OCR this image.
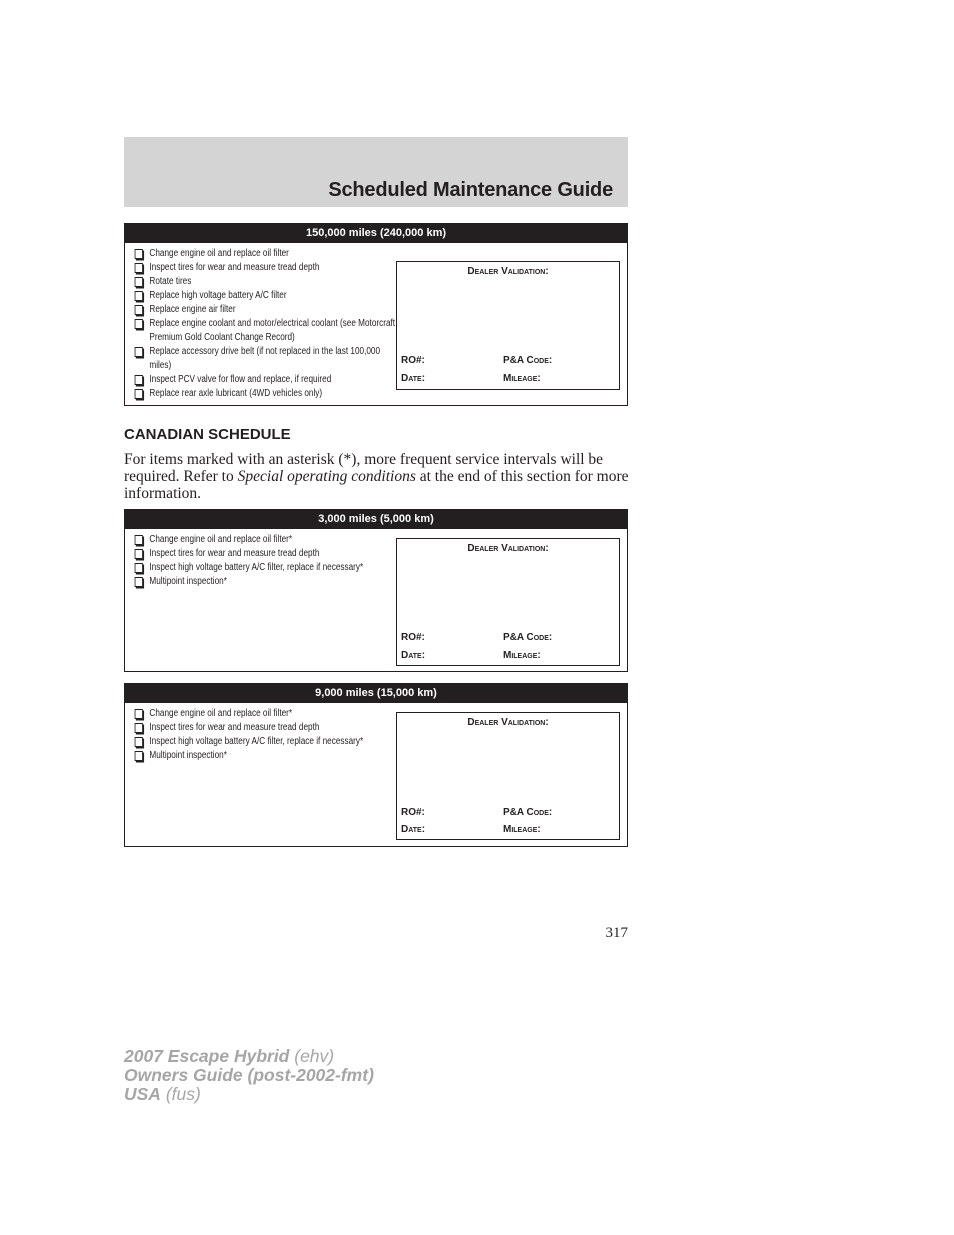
Scheduled Maintenance Guide
150,000 miles (240,000 km)
Change engine oil and replace oil filter
Inspect tires for wear and measure tread depth
Rotate tires
Replace high voltage battery A/C filter
Replace engine air filter
Replace engine coolant and motor/electrical coolant (see Motorcraft Premium Gold Coolant Change Record)
Replace accessory drive belt (if not replaced in the last 100,000 miles)
Inspect PCV valve for flow and replace, if required
Replace rear axle lubricant (4WD vehicles only)
Dealer Validation:
RO#:	P&A Code:
Date:	Mileage:
CANADIAN SCHEDULE
For items marked with an asterisk (*), more frequent service intervals will be required. Refer to Special operating conditions at the end of this section for more information.
3,000 miles (5,000 km)
Change engine oil and replace oil filter*
Inspect tires for wear and measure tread depth
Inspect high voltage battery A/C filter, replace if necessary*
Multipoint inspection*
Dealer Validation:
RO#:	P&A Code:
Date:	Mileage:
9,000 miles (15,000 km)
Change engine oil and replace oil filter*
Inspect tires for wear and measure tread depth
Inspect high voltage battery A/C filter, replace if necessary*
Multipoint inspection*
Dealer Validation:
RO#:	P&A Code:
Date:	Mileage:
317
2007 Escape Hybrid (ehv)
Owners Guide (post-2002-fmt)
USA (fus)
